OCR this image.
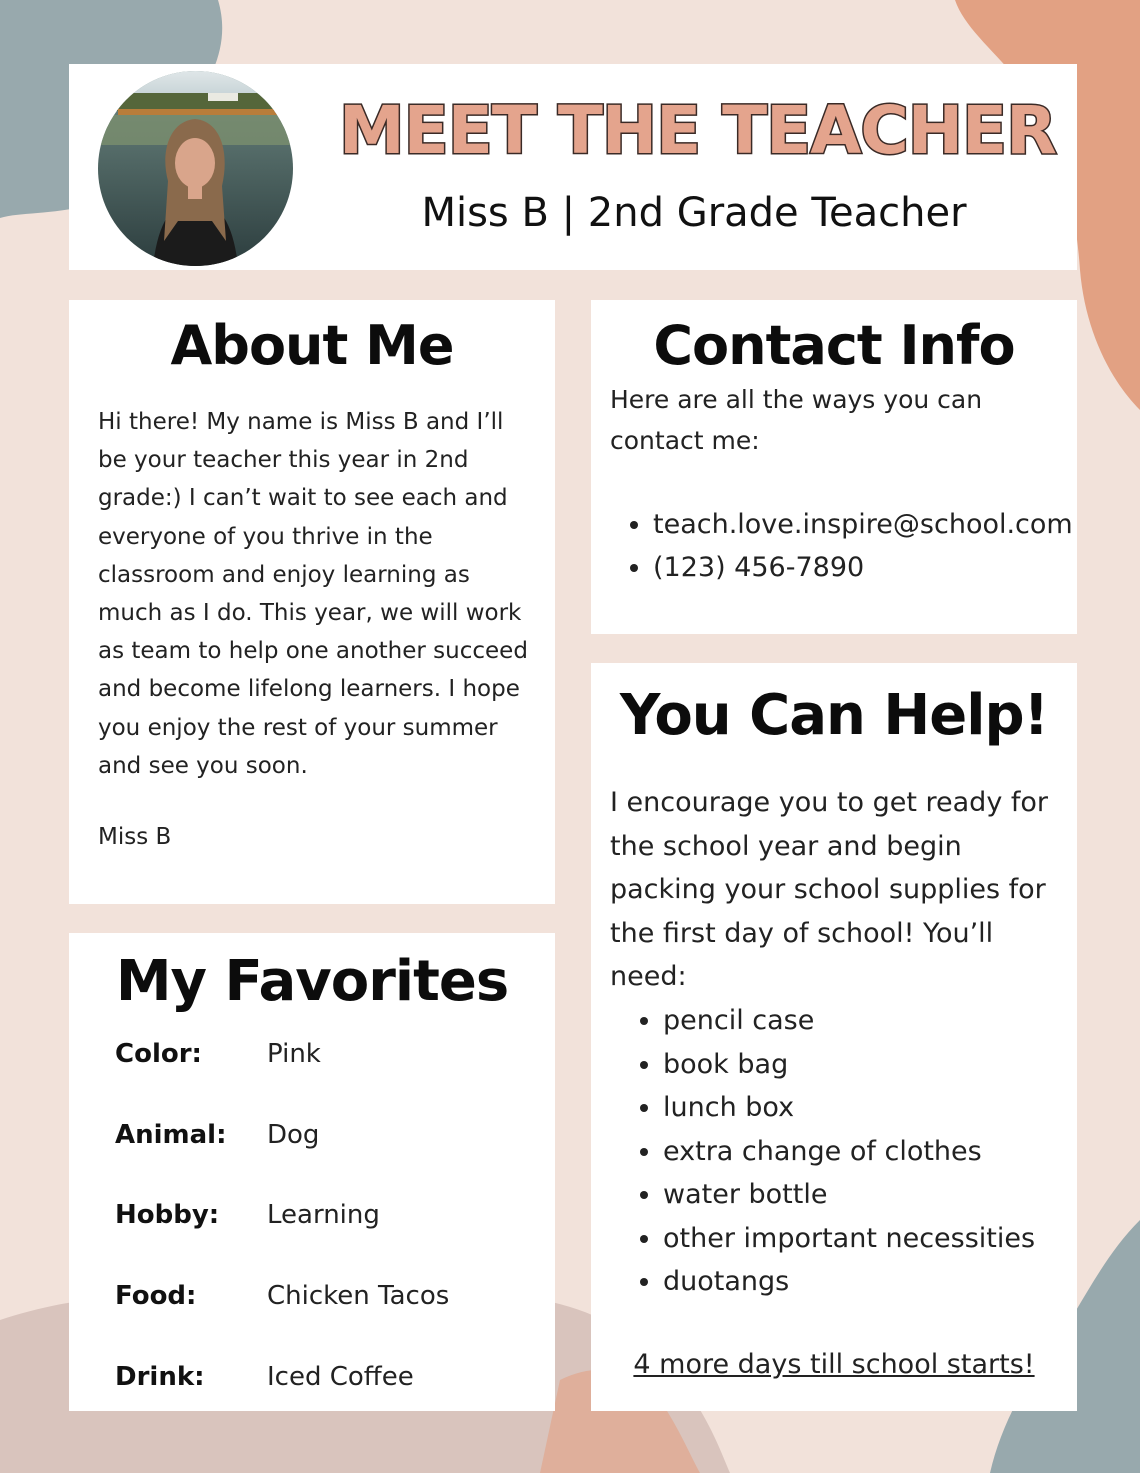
MEET THE TEACHER
Miss B | 2nd Grade Teacher
About Me

Hi there! My name is Miss B and I’ll be your teacher this year in 2nd grade:) I can’t wait to see each and everyone of you thrive in the classroom and enjoy learning as much as I do. This year, we will work as team to help one another succeed and become lifelong learners. I hope you enjoy the rest of your summer and see you soon.

Miss B

Contact Info

Here are all the ways you can contact me:

• teach.love.inspire@school.com
• (123) 456-7890
You Can Help!

I encourage you to get ready for the school year and begin packing your school supplies for the first day of school! You’ll need:

• pencil case
• book bag
• lunch box
• extra change of clothes
• water bottle
• other important necessities
• duotangs
4 more days till school starts!
My Favorites
Color:	Pink
Animal: Dog
Hobby: Learning
Food:	Chicken Tacos
Drink: Iced Coffee
